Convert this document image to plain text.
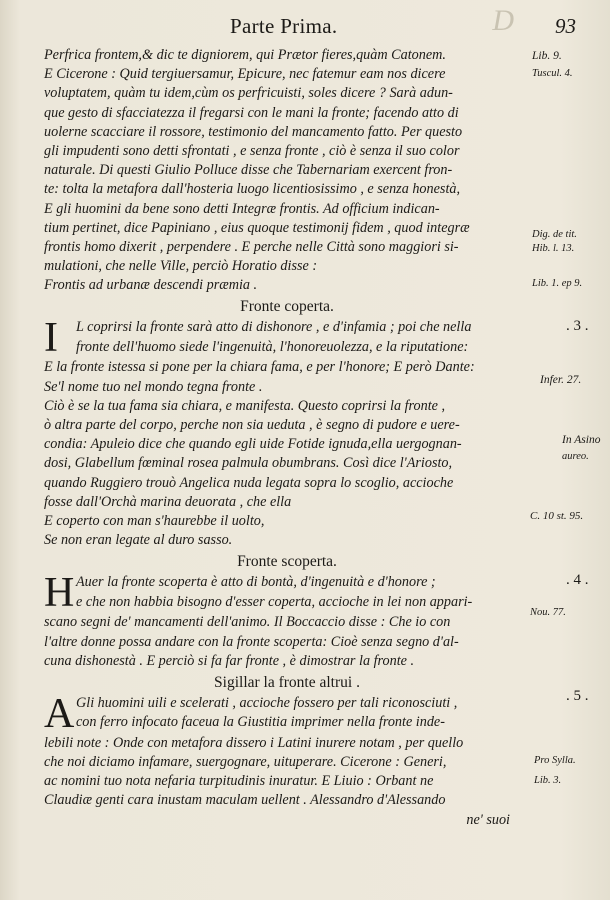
D
Parte Prima.	93
Perfrica frontem,& dic te digniorem, qui Prætor fieres,quàm Catonem.
E Cicerone : Quid tergiuersamur, Epicure, nec fatemur eam nos dicere
voluptatem, quàm tu idem,cùm os perfricuisti, soles dicere ? Sarà adun-
que gesto di sfacciatezza il fregarsi con le mani la fronte; facendo atto di
uolerne scacciare il rossore, testimonio del mancamento fatto. Per questo
gli impudenti sono detti sfrontati , e senza fronte , ciò è senza il suo color
naturale. Di questi Giulio Polluce disse che Tabernariam exercent fron-
te: tolta la metafora dall'hosteria luogo licentiosissimo , e senza honestà,
E gli huomini da bene sono detti Integræ frontis. Ad officium indican-
tium pertinet, dice Papiniano , eius quoque testimonij fidem , quod integræ
frontis homo dixerit , perpendere . E perche nelle Città sono maggiori si-
mulationi, che nelle Ville, perciò Horatio disse :
Frontis ad urbanæ descendi præmia .
Fronte coperta.
I	L coprirsi la fronte sarà atto di dishonore , e d'infamia ; poi che nella
fronte dell'huomo siede l'ingenuità, l'honoreuolezza, e la riputatione:
E la fronte istessa si pone per la chiara fama, e per l'honore; E però Dante:
Se'l nome tuo nel mondo tegna fronte .
Ciò è se la tua fama sia chiara, e manifesta. Questo coprirsi la fronte ,
ò altra parte del corpo, perche non sia ueduta , è segno di pudore e uere-
condia: Apuleio dice che quando egli uide Fotide ignuda,ella uergognan-
dosi, Glabellum fœminal rosea palmula obumbrans. Così dice l'Ariosto,
quando Ruggiero trouò Angelica nuda legata sopra lo scoglio, accioche
fosse dall'Orchà marina deuorata , che ella
E coperto con man s'haurebbe il uolto,
Se non eran legate al duro sasso.
Fronte scoperta.
H Auer la fronte scoperta è atto di bontà, d'ingenuità e d'honore ;
e che non habbia bisogno d'esser coperta, accioche in lei non appari-
scano segni de' mancamenti dell'animo. Il Boccaccio disse : Che io con
l'altre donne possa andare con la fronte scoperta: Cioè senza segno d'al-
cuna dishonestà . E perciò si fa far fronte , è dimostrar la fronte .
Sigillar la fronte altrui .
A Gli huomini uili e scelerati , accioche fossero per tali riconosciuti ,
con ferro infocato faceua la Giustitia imprimer nella fronte inde-
lebili note : Onde con metafora dissero i Latini inurere notam , per quello
che noi diciamo infamare, suergognare, uituperare. Cicerone : Generi,
ac nomini tuo nota nefaria turpitudinis inuratur. E Liuio : Orbant ne
Claudiæ genti cara inustam maculam uellent . Alessandro d'Alessando
ne' suoi
Lib. 9.
Tuscul. 4.
Dig. de tit.
Hib. l. 13.
Lib. 1. ep 9.
. 3 .
Infer. 27.
In Asino
aureo.
C. 10 st. 95.
. 4 .
Nou. 77.
. 5 .
Pro Sylla.
Lib. 3.
